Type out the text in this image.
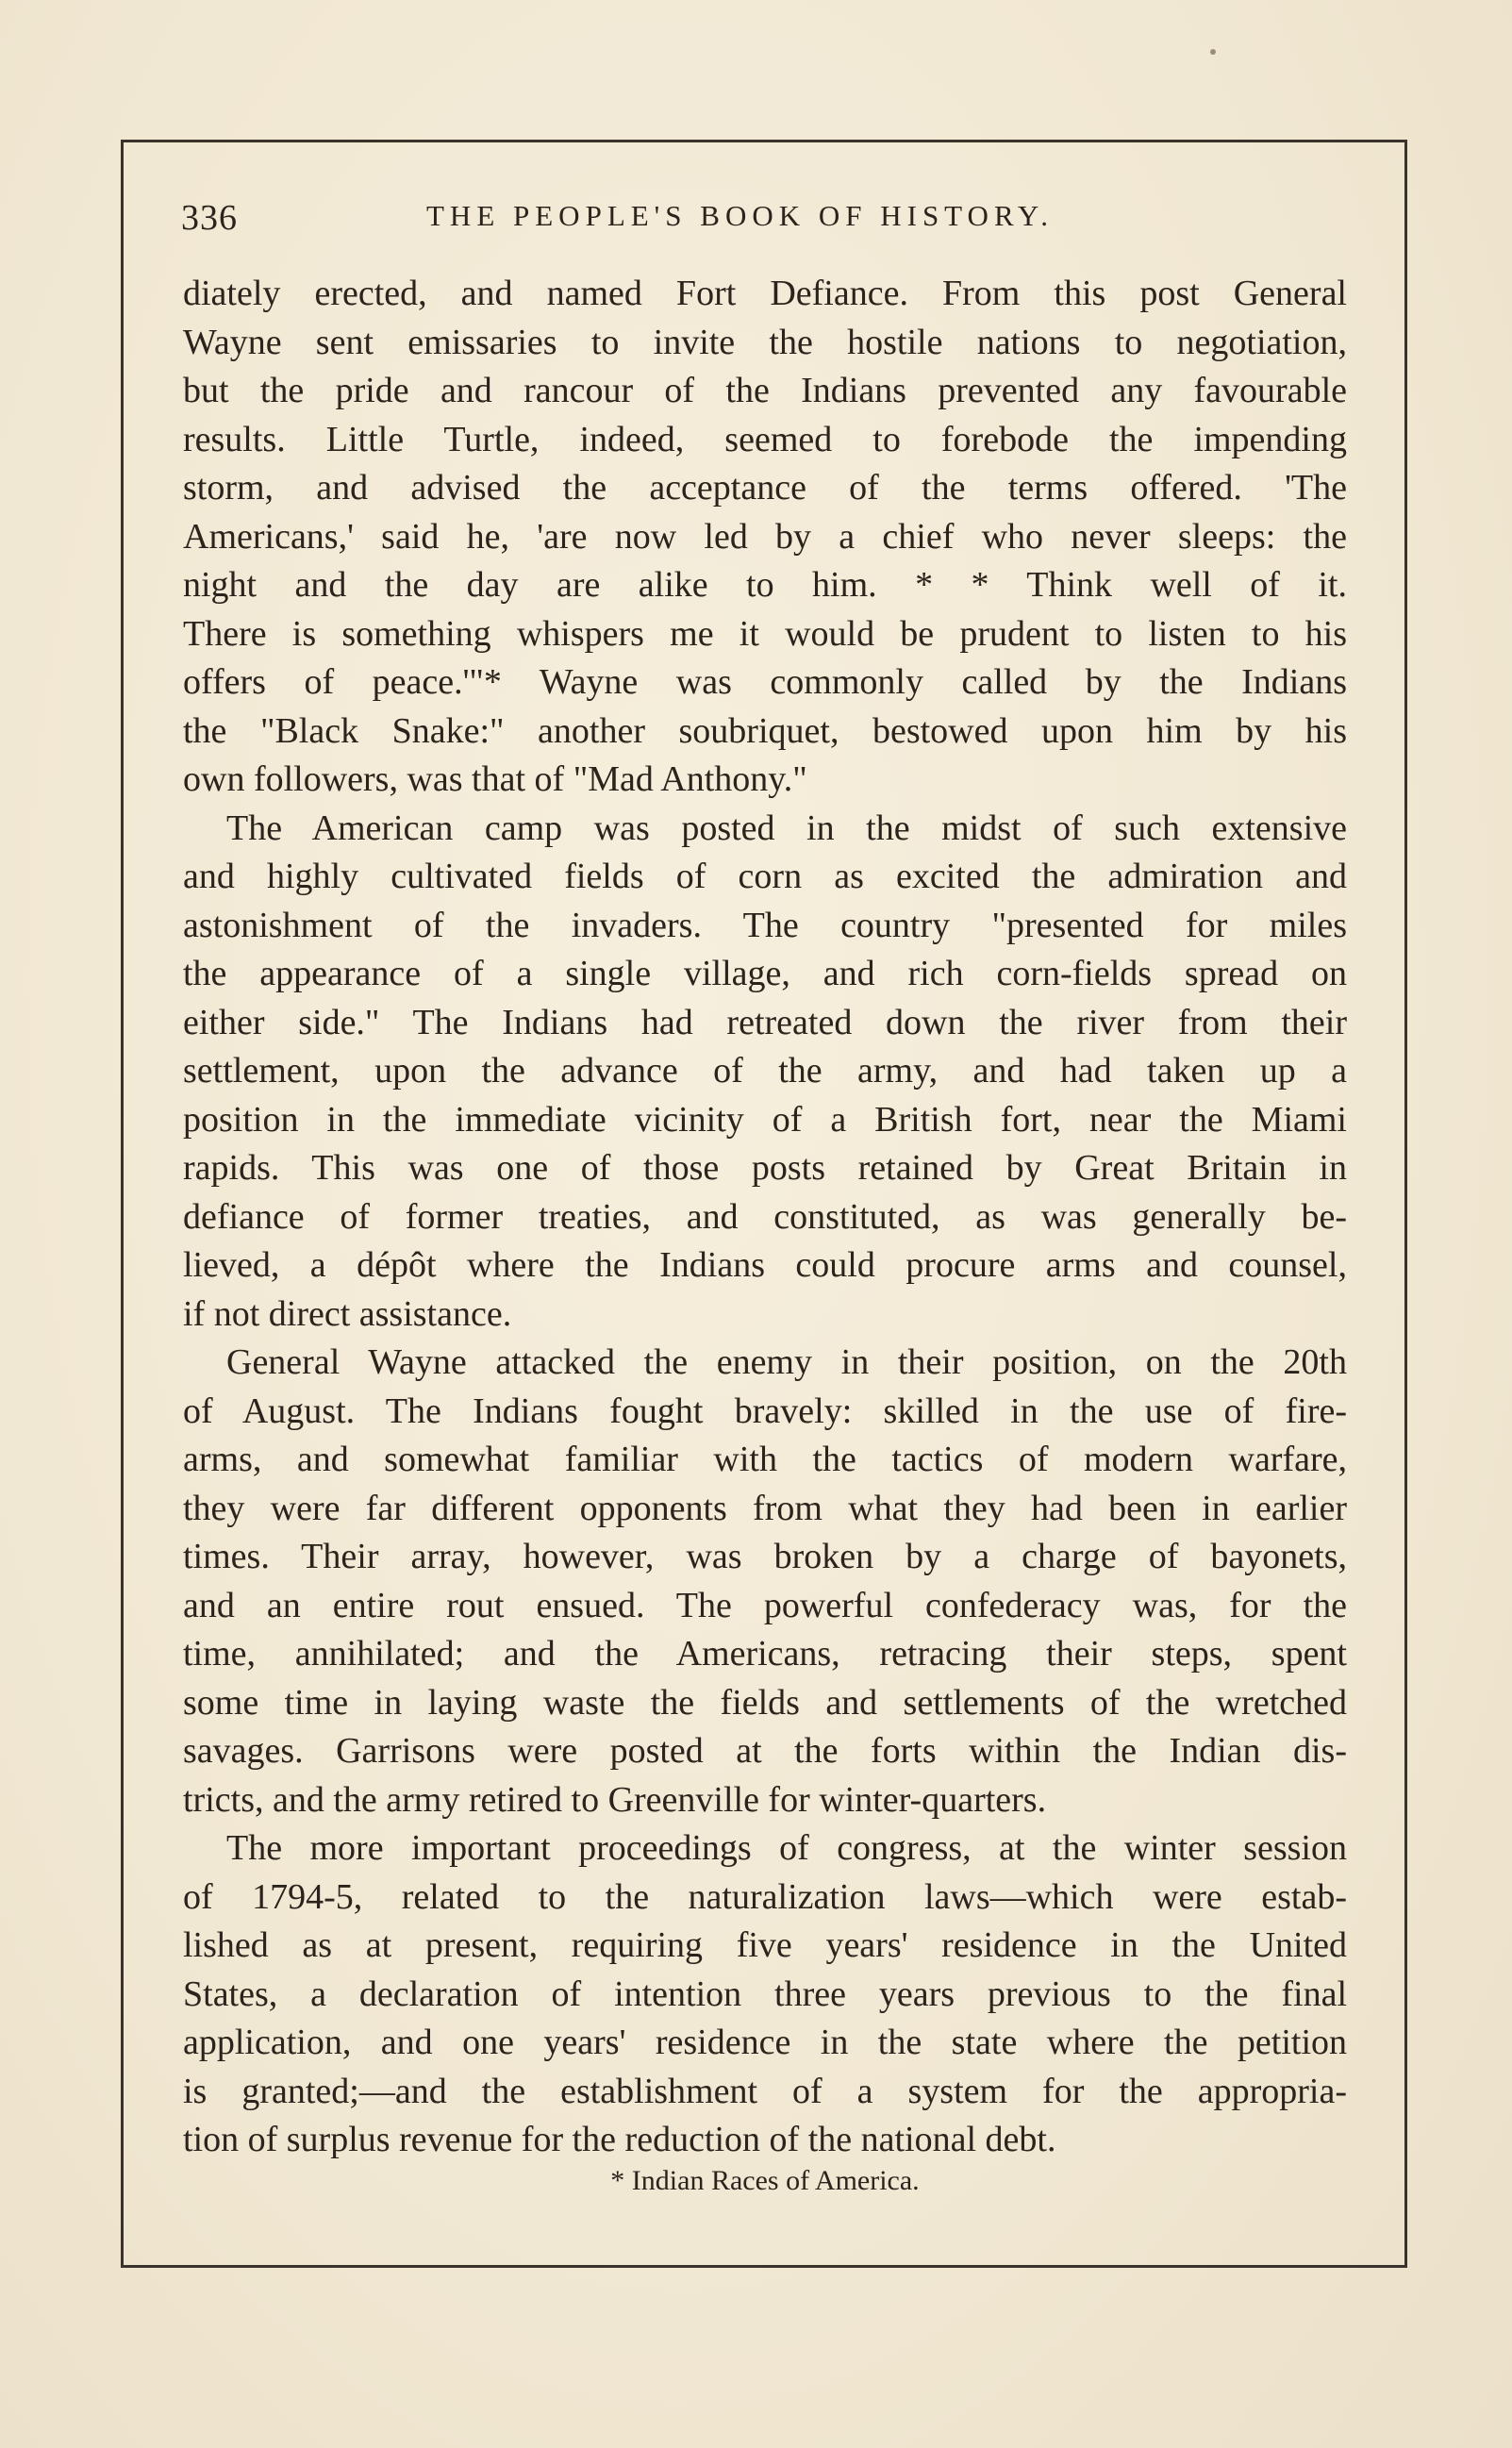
336	THE PEOPLE'S BOOK OF HISTORY.
diately erected, and named Fort Defiance. From this post General
Wayne sent emissaries to invite the hostile nations to negotiation,
but the pride and rancour of the Indians prevented any favourable
results. Little Turtle, indeed, seemed to forebode the impending
storm, and advised the acceptance of the terms offered. 'The
Americans,' said he, 'are now led by a chief who never sleeps: the
night and the day are alike to him. * * Think well of it.
There is something whispers me it would be prudent to listen to his
offers of peace.'"* Wayne was commonly called by the Indians
the "Black Snake:" another soubriquet, bestowed upon him by his
own followers, was that of "Mad Anthony."
The American camp was posted in the midst of such extensive
and highly cultivated fields of corn as excited the admiration and
astonishment of the invaders. The country "presented for miles
the appearance of a single village, and rich corn-fields spread on
either side." The Indians had retreated down the river from their
settlement, upon the advance of the army, and had taken up a
position in the immediate vicinity of a British fort, near the Miami
rapids. This was one of those posts retained by Great Britain in
defiance of former treaties, and constituted, as was generally be-
lieved, a dépôt where the Indians could procure arms and counsel,
if not direct assistance.
General Wayne attacked the enemy in their position, on the 20th
of August. The Indians fought bravely: skilled in the use of fire-
arms, and somewhat familiar with the tactics of modern warfare,
they were far different opponents from what they had been in earlier
times. Their array, however, was broken by a charge of bayonets,
and an entire rout ensued. The powerful confederacy was, for the
time, annihilated; and the Americans, retracing their steps, spent
some time in laying waste the fields and settlements of the wretched
savages. Garrisons were posted at the forts within the Indian dis-
tricts, and the army retired to Greenville for winter-quarters.
The more important proceedings of congress, at the winter session
of 1794-5, related to the naturalization laws—which were estab-
lished as at present, requiring five years' residence in the United
States, a declaration of intention three years previous to the final
application, and one years' residence in the state where the petition
is granted;—and the establishment of a system for the appropria-
tion of surplus revenue for the reduction of the national debt.
* Indian Races of America.
